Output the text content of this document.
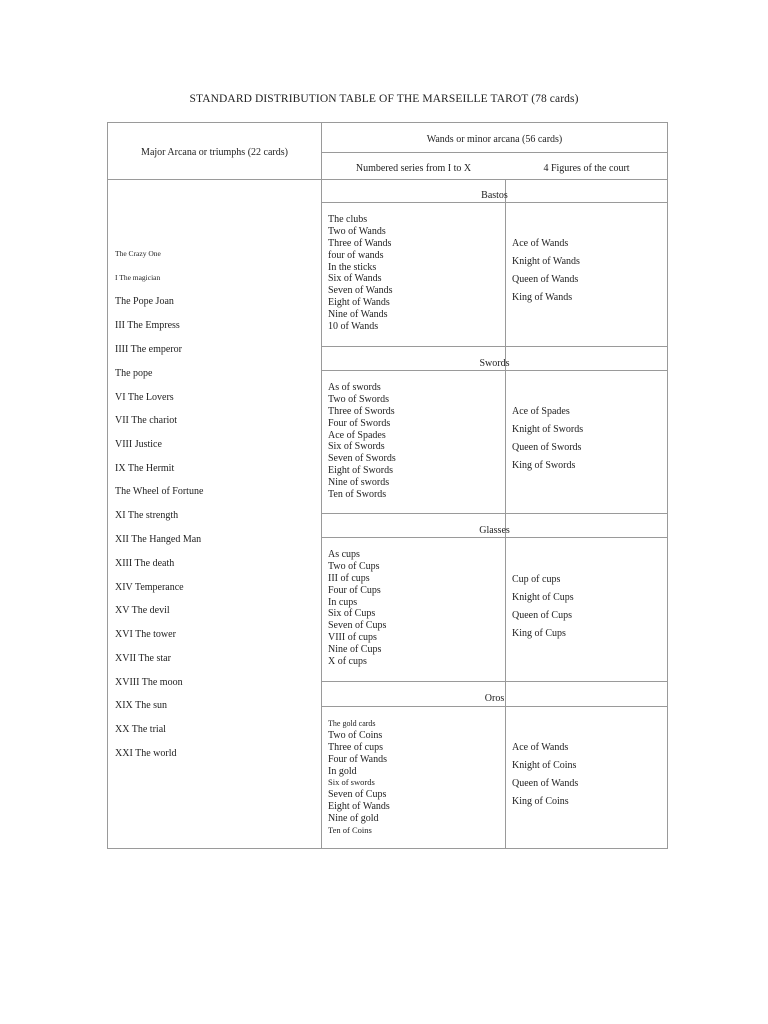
STANDARD DISTRIBUTION TABLE OF THE MARSEILLE TAROT (78 cards)
Major Arcana or triumphs (22 cards)
Wands or minor arcana (56 cards)
Numbered series from I to X	4 Figures of the court
The Crazy One
I The magician
The Pope Joan
III The Empress
IIII The emperor
The pope
VI The Lovers
VII The chariot
VIII Justice
IX The Hermit
The Wheel of Fortune
XI The strength
XII The Hanged Man
XIII The death
XIV Temperance
XV The devil
XVI The tower
XVII The star
XVIII The moon
XIX The sun
XX The trial
XXI The world
Bastos
The clubs
Two of Wands
Three of Wands
four of wands
In the sticks
Six of Wands
Seven of Wands
Eight of Wands
Nine of Wands
10 of Wands
Ace of Wands
Knight of Wands
Queen of Wands
King of Wands
Swords
As of swords
Two of Swords
Three of Swords
Four of Swords
Ace of Spades
Six of Swords
Seven of Swords
Eight of Swords
Nine of swords
Ten of Swords
Ace of Spades
Knight of Swords
Queen of Swords
King of Swords
Glasses
As cups
Two of Cups
III of cups
Four of Cups
In cups
Six of Cups
Seven of Cups
VIII of cups
Nine of Cups
X of cups
Cup of cups
Knight of Cups
Queen of Cups
King of Cups
Oros
The gold cards
Two of Coins
Three of cups
Four of Wands
In gold
Six of swords
Seven of Cups
Eight of Wands
Nine of gold
Ten of Coins
Ace of Wands
Knight of Coins
Queen of Wands
King of Coins
